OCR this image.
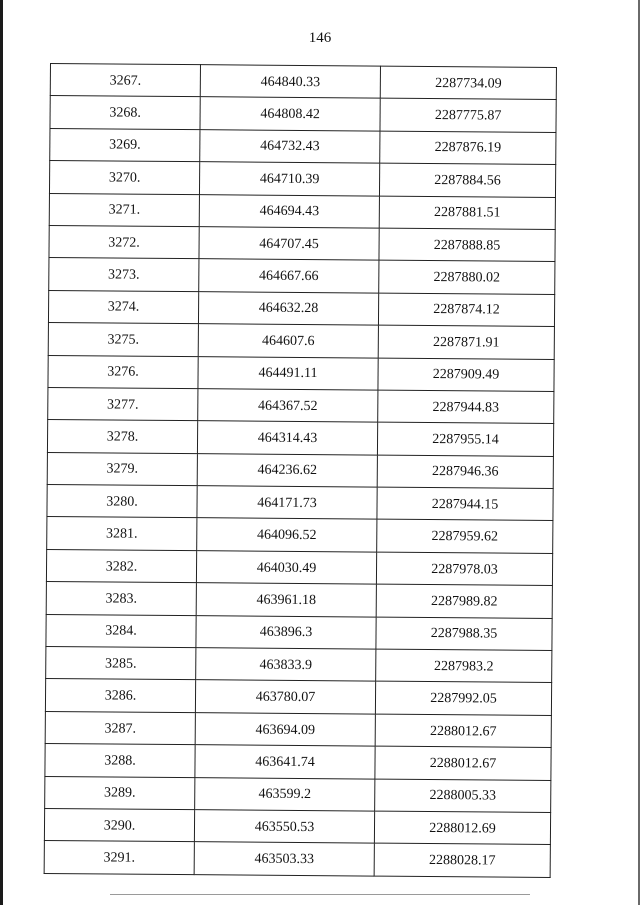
146
3267.	464840.33	2287734.09
3268.	464808.42	2287775.87
3269.	464732.43	2287876.19
3270.	464710.39	2287884.56
3271.	464694.43	2287881.51
3272.	464707.45	2287888.85
3273.	464667.66	2287880.02
3274.	464632.28	2287874.12
3275.	464607.6	2287871.91
3276.	464491.11	2287909.49
3277.	464367.52	2287944.83
3278.	464314.43	2287955.14
3279.	464236.62	2287946.36
3280.	464171.73	2287944.15
3281.	464096.52	2287959.62
3282.	464030.49	2287978.03
3283.	463961.18	2287989.82
3284.	463896.3	2287988.35
3285.	463833.9	2287983.2
3286.	463780.07	2287992.05
3287.	463694.09	2288012.67
3288.	463641.74	2288012.67
3289.	463599.2	2288005.33
3290.	463550.53	2288012.69
3291.	463503.33	2288028.17
